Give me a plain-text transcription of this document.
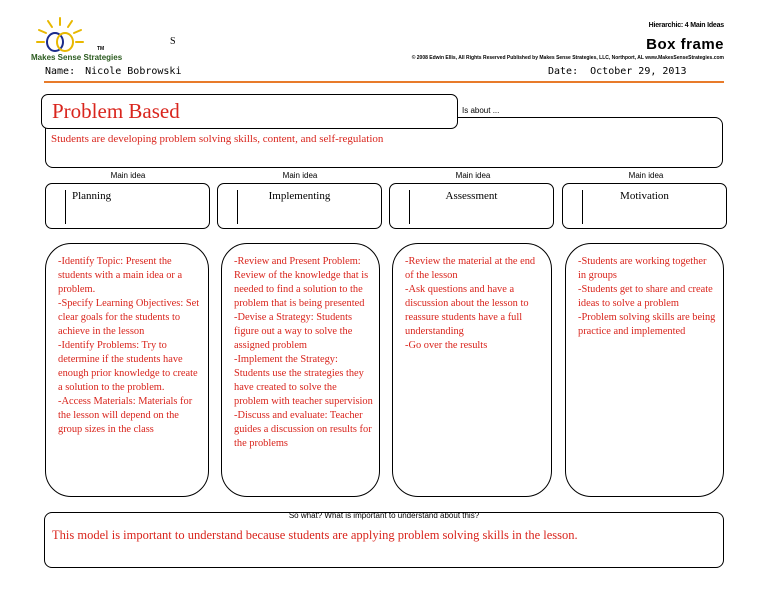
Makes Sense Strategies
TM
S
Hierarchic: 4 Main Ideas
Box frame
© 2008 Edwin Ellis, All Rights Reserved Published by Makes Sense Strategies, LLC, Northport, AL www.MakesSenseStrategies.com
Name: Nicole Bobrowski	Date: October 29, 2013
Problem Based	Is about ...
Students are developing problem solving skills, content, and self-regulation
Main idea	Main idea	Main idea	Main idea
Planning	Implementing	Assessment	Motivation
-Identify Topic: Present the students with a main idea or a problem.
-Specify Learning Objectives: Set clear goals for the students to achieve in the lesson
-Identify Problems: Try to determine if the students have enough prior knowledge to create a solution to the problem.
-Access Materials: Materials for the lesson will depend on the group sizes in the class
-Review and Present Problem: Review of the knowledge that is needed to find a solution to the problem that is being presented
-Devise a Strategy: Students figure out a way to solve the assigned problem
-Implement the Strategy: Students use the strategies they have created to solve the problem with teacher supervision
-Discuss and evaluate: Teacher guides a discussion on results for the problems
-Review the material at the end of the lesson
-Ask questions and have a discussion about the lesson to reassure students have a full understanding
-Go over the results
-Students are working together in groups
-Students get to share and create ideas to solve a problem
-Problem solving skills are being practice and implemented
So what? What is important to understand about this?
This model is important to understand because students are applying problem solving skills in the lesson.
